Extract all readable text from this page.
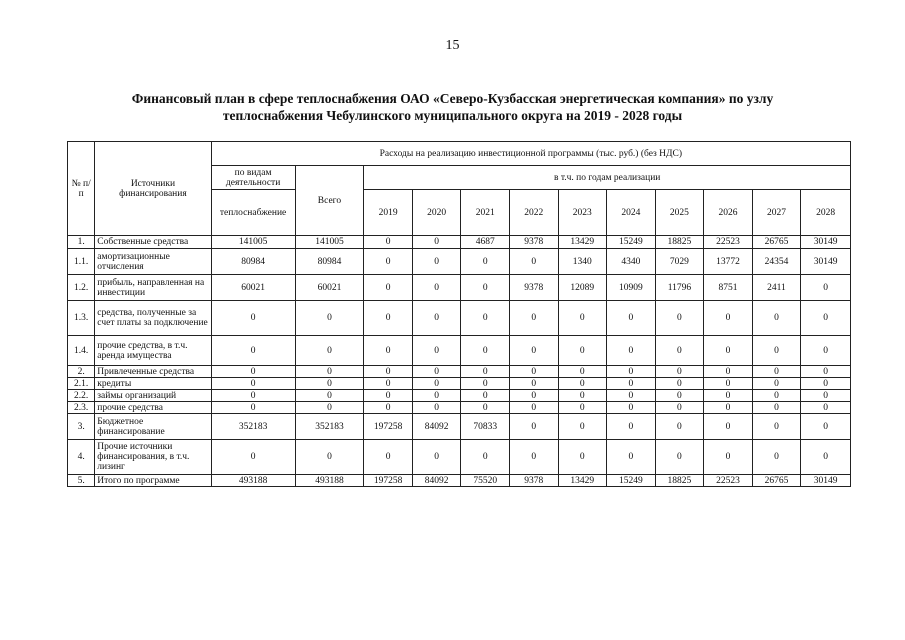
15
Финансовый план в сфере теплоснабжения ОАО «Северо-Кузбасская энергетическая компания» по узлу
теплоснабжения Чебулинского муниципального округа на 2019 - 2028 годы
№ п/п	Источники финансирования	Расходы на реализацию инвестиционной программы (тыс. руб.) (без НДС)											
		по видам деятельности	Всего	в т.ч. по годам реализации									
		теплоснабжение		2019	2020	2021	2022	2023	2024	2025	2026	2027	2028
1.	Собственные средства	141005	141005	0	0	4687	9378	13429	15249	18825	22523	26765	30149
1.1.	амортизационные отчисления	80984	80984	0	0	0	0	1340	4340	7029	13772	24354	30149
1.2.	прибыль, направленная на инвестиции	60021	60021	0	0	0	9378	12089	10909	11796	8751	2411	0
1.3.	средства, полученные за счет платы за подключение	0	0	0	0	0	0	0	0	0	0	0	0
1.4.	прочие средства, в т.ч. аренда имущества	0	0	0	0	0	0	0	0	0	0	0	0
2.	Привлеченные средства	0	0	0	0	0	0	0	0	0	0	0	0
2.1.	кредиты	0	0	0	0	0	0	0	0	0	0	0	0
2.2.	займы организаций	0	0	0	0	0	0	0	0	0	0	0	0
2.3.	прочие средства	0	0	0	0	0	0	0	0	0	0	0	0
3.	Бюджетное финансирование	352183	352183	197258	84092	70833	0	0	0	0	0	0	0
4.	Прочие источники финансирования, в т.ч. лизинг	0	0	0	0	0	0	0	0	0	0	0	0
5.	Итого по программе	493188	493188	197258	84092	75520	9378	13429	15249	18825	22523	26765	30149
